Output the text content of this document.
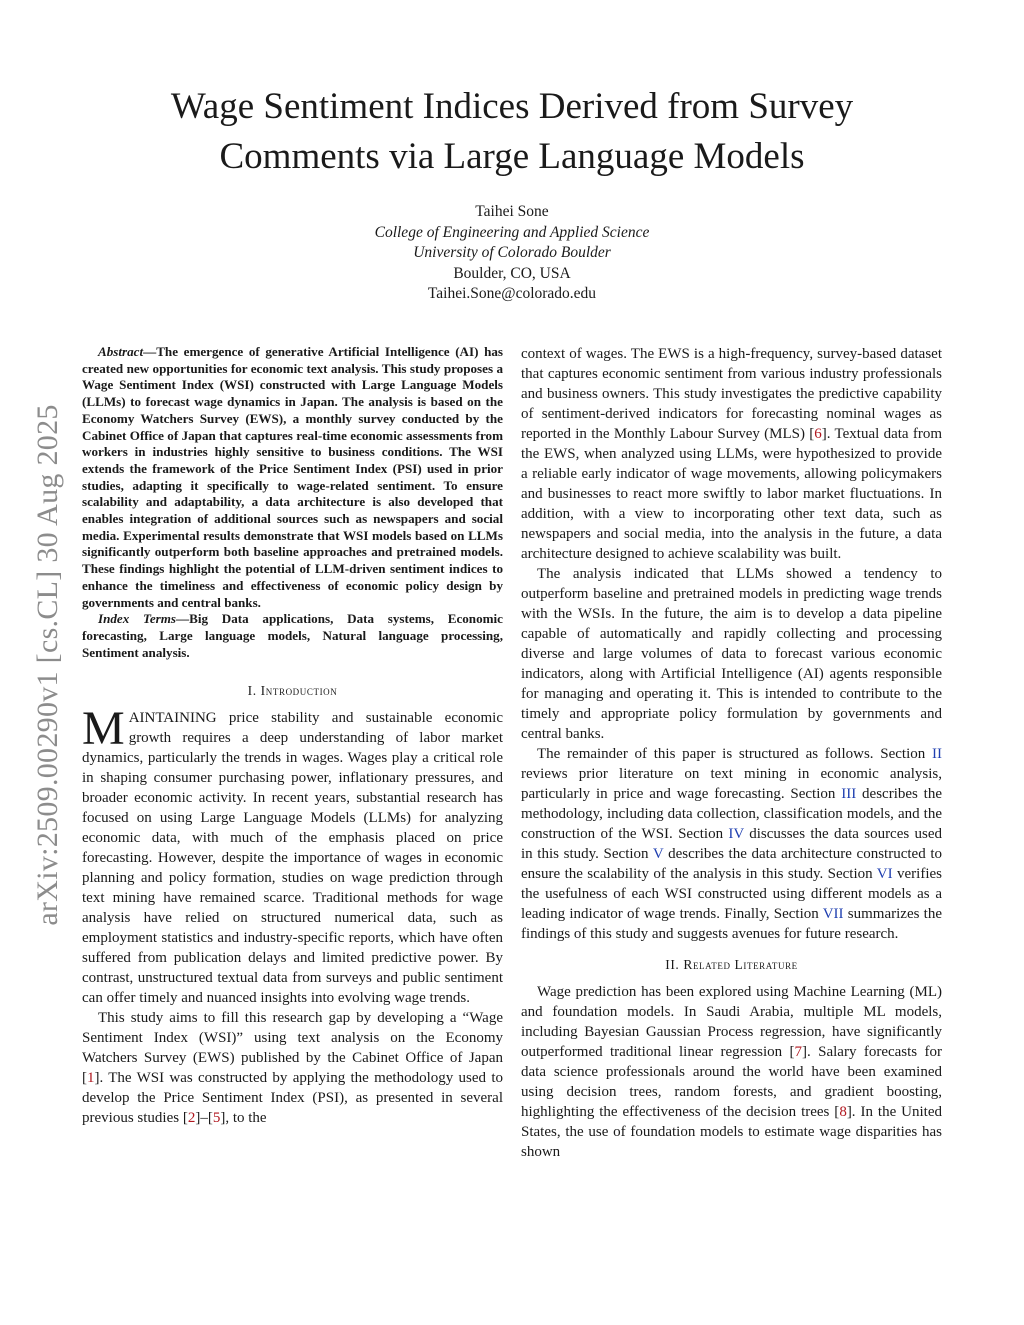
arXiv:2509.00290v1 [cs.CL] 30 Aug 2025
Wage Sentiment Indices Derived from Survey Comments via Large Language Models
Taihei Sone
College of Engineering and Applied Science
University of Colorado Boulder
Boulder, CO, USA
Taihei.Sone@colorado.edu

Abstract—The emergence of generative Artificial Intelligence (AI) has created new opportunities for economic text analysis. This study proposes a Wage Sentiment Index (WSI) constructed with Large Language Models (LLMs) to forecast wage dynamics in Japan. The analysis is based on the Economy Watchers Survey (EWS), a monthly survey conducted by the Cabinet Office of Japan that captures real-time economic assessments from workers in industries highly sensitive to business conditions. The WSI extends the framework of the Price Sentiment Index (PSI) used in prior studies, adapting it specifically to wage-related sentiment. To ensure scalability and adaptability, a data architecture is also developed that enables integration of additional sources such as newspapers and social media. Experimental results demonstrate that WSI models based on LLMs significantly outperform both baseline approaches and pretrained models. These findings highlight the potential of LLM-driven sentiment indices to enhance the timeliness and effectiveness of economic policy design by governments and central banks.

Index Terms—Big Data applications, Data systems, Economic forecasting, Large language models, Natural language processing, Sentiment analysis.

I. Introduction

MAINTAINING price stability and sustainable economic growth requires a deep understanding of labor market dynamics, particularly the trends in wages. Wages play a critical role in shaping consumer purchasing power, inflationary pressures, and broader economic activity. In recent years, substantial research has focused on using Large Language Models (LLMs) for analyzing economic data, with much of the emphasis placed on price forecasting. However, despite the importance of wages in economic planning and policy formation, studies on wage prediction through text mining have remained scarce. Traditional methods for wage analysis have relied on structured numerical data, such as employment statistics and industry-specific reports, which have often suffered from publication delays and limited predictive power. By contrast, unstructured textual data from surveys and public sentiment can offer timely and nuanced insights into evolving wage trends.

This study aims to fill this research gap by developing a “Wage Sentiment Index (WSI)” using text analysis on the Economy Watchers Survey (EWS) published by the Cabinet Office of Japan [1]. The WSI was constructed by applying the methodology used to develop the Price Sentiment Index (PSI), as presented in several previous studies [2]–[5], to the

context of wages. The EWS is a high-frequency, survey-based dataset that captures economic sentiment from various industry professionals and business owners. This study investigates the predictive capability of sentiment-derived indicators for forecasting nominal wages as reported in the Monthly Labour Survey (MLS) [6]. Textual data from the EWS, when analyzed using LLMs, were hypothesized to provide a reliable early indicator of wage movements, allowing policymakers and businesses to react more swiftly to labor market fluctuations. In addition, with a view to incorporating other text data, such as newspapers and social media, into the analysis in the future, a data architecture designed to achieve scalability was built.

The analysis indicated that LLMs showed a tendency to outperform baseline and pretrained models in predicting wage trends with the WSIs. In the future, the aim is to develop a data pipeline capable of automatically and rapidly collecting and processing diverse and large volumes of data to forecast various economic indicators, along with Artificial Intelligence (AI) agents responsible for managing and operating it. This is intended to contribute to the timely and appropriate policy formulation by governments and central banks.

The remainder of this paper is structured as follows. Section II reviews prior literature on text mining in economic analysis, particularly in price and wage forecasting. Section III describes the methodology, including data collection, classification models, and the construction of the WSI. Section IV discusses the data sources used in this study. Section V describes the data architecture constructed to ensure the scalability of the analysis in this study. Section VI verifies the usefulness of each WSI constructed using different models as a leading indicator of wage trends. Finally, Section VII summarizes the findings of this study and suggests avenues for future research.

II. Related Literature

Wage prediction has been explored using Machine Learning (ML) and foundation models. In Saudi Arabia, multiple ML models, including Bayesian Gaussian Process regression, have significantly outperformed traditional linear regression [7]. Salary forecasts for data science professionals around the world have been examined using decision trees, random forests, and gradient boosting, highlighting the effectiveness of the decision trees [8]. In the United States, the use of foundation models to estimate wage disparities has shown
